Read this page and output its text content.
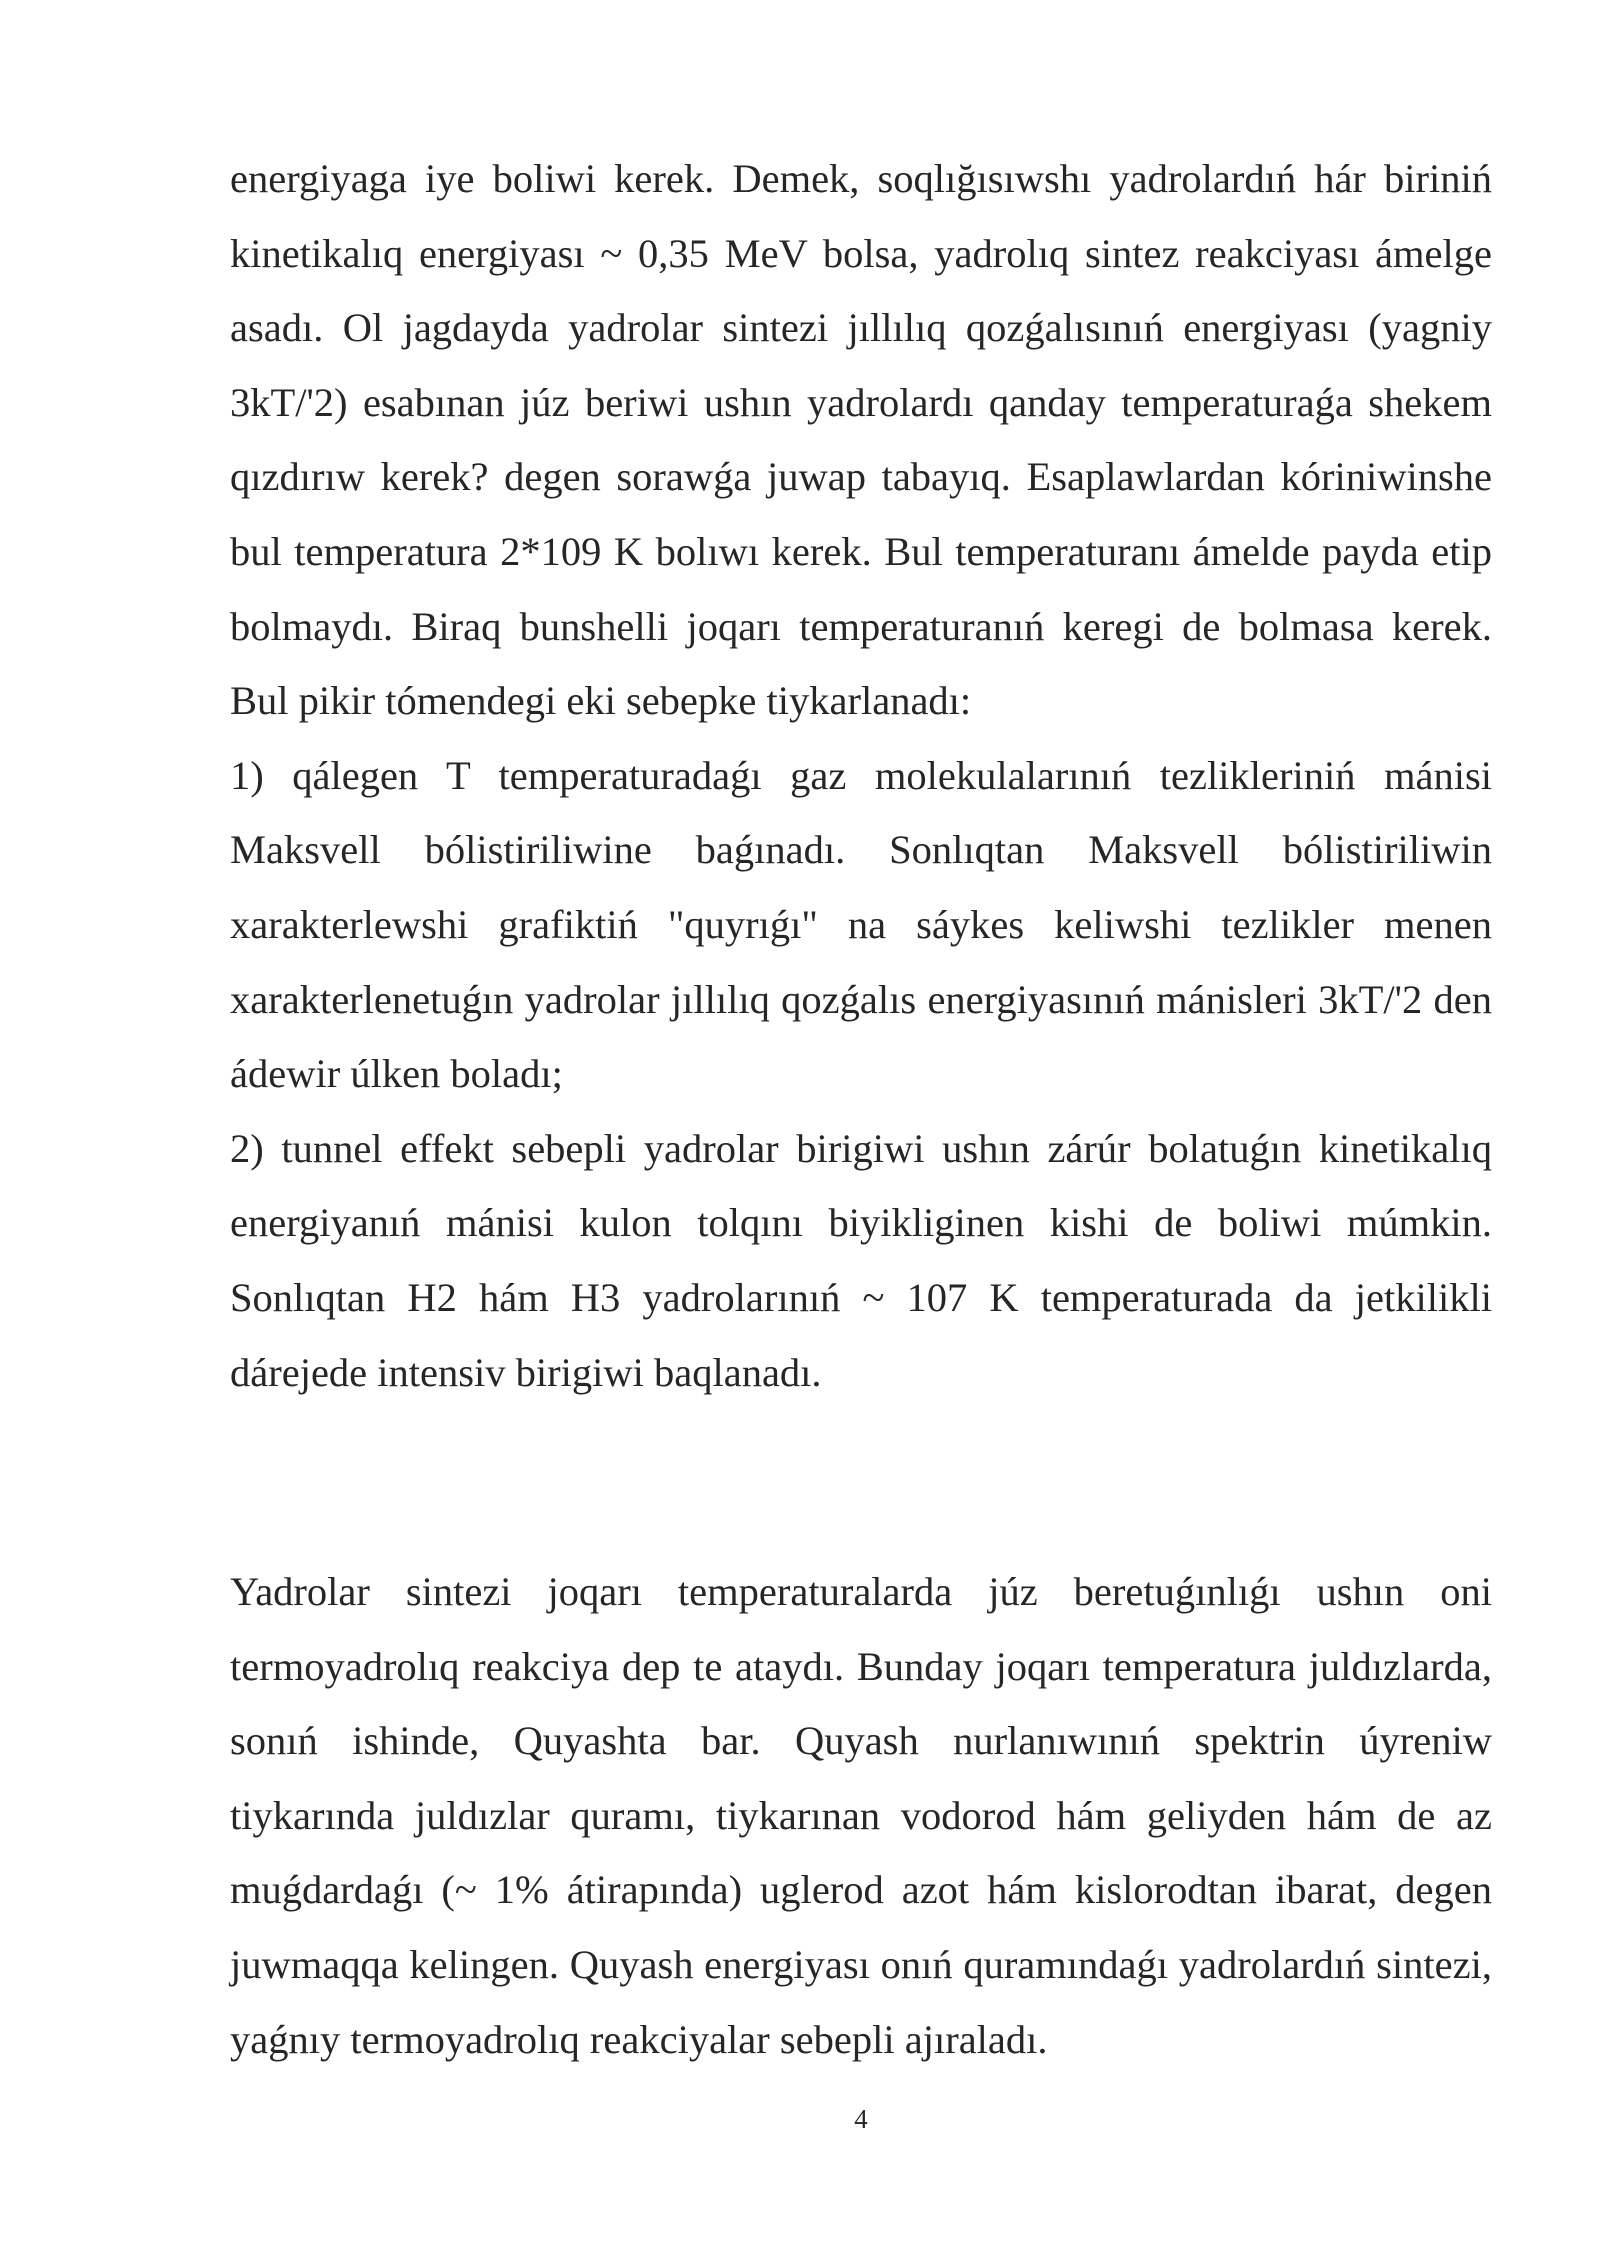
energiyaga iye boliwi kerek. Demek, soqlığısıwshı yadrolardıń hár biriniń kinetikalıq energiyası ~ 0,35 MeV bolsa, yadrolıq sintez reakciyası ámelge asadı. Ol jagdayda yadrolar sintezi jıllılıq qozǵalısınıń energiyası (yagniy 3kT/'2) esabınan júz beriwi ushın yadrolardı qanday temperaturaǵa shekem qızdırıw kerek? degen sorawǵa juwap tabayıq. Esaplawlardan kóriniwinshe bul temperatura 2*109 K bolıwı kerek. Bul temperaturanı ámelde payda etip bolmaydı. Biraq bunshelli joqarı temperaturanıń keregi de bolmasa kerek. Bul pikir tómendegi eki sebepke tiykarlanadı:

1) qálegen T temperaturadaǵı gaz molekulalarınıń tezlikleriniń mánisi Maksvell bólistiriliwine baǵınadı. Sonlıqtan Maksvell bólistiriliwin xarakterlewshi grafiktiń "quyrıǵı" na sáykes keliwshi tezlikler menen xarakterlenetuǵın yadrolar jıllılıq qozǵalıs energiyasınıń mánisleri 3kT/'2 den ádewir úlken boladı;

2) tunnel effekt sebepli yadrolar birigiwi ushın zárúr bolatuǵın kinetikalıq energiyanıń mánisi kulon tolqını biyikliginen kishi de boliwi múmkin. Sonlıqtan H2 hám H3 yadrolarınıń ~ 107 K temperaturada da jetkilikli dárejede intensiv birigiwi baqlanadı.

Yadrolar sintezi joqarı temperaturalarda júz beretuǵınlıǵı ushın oni termoyadrolıq reakciya dep te ataydı. Bunday joqarı temperatura juldızlarda, sonıń ishinde, Quyashta bar. Quyash nurlanıwınıń spektrin úyreniw tiykarında juldızlar quramı, tiykarınan vodorod hám geliyden hám de az muǵdardaǵı (~ 1% átirapında) uglerod azot hám kislorodtan ibarat, degen juwmaqqa kelingen. Quyash energiyası onıń quramındaǵı yadrolardıń sintezi, yaǵnıy termoyadrolıq reakciyalar sebepli ajıraladı.

4
